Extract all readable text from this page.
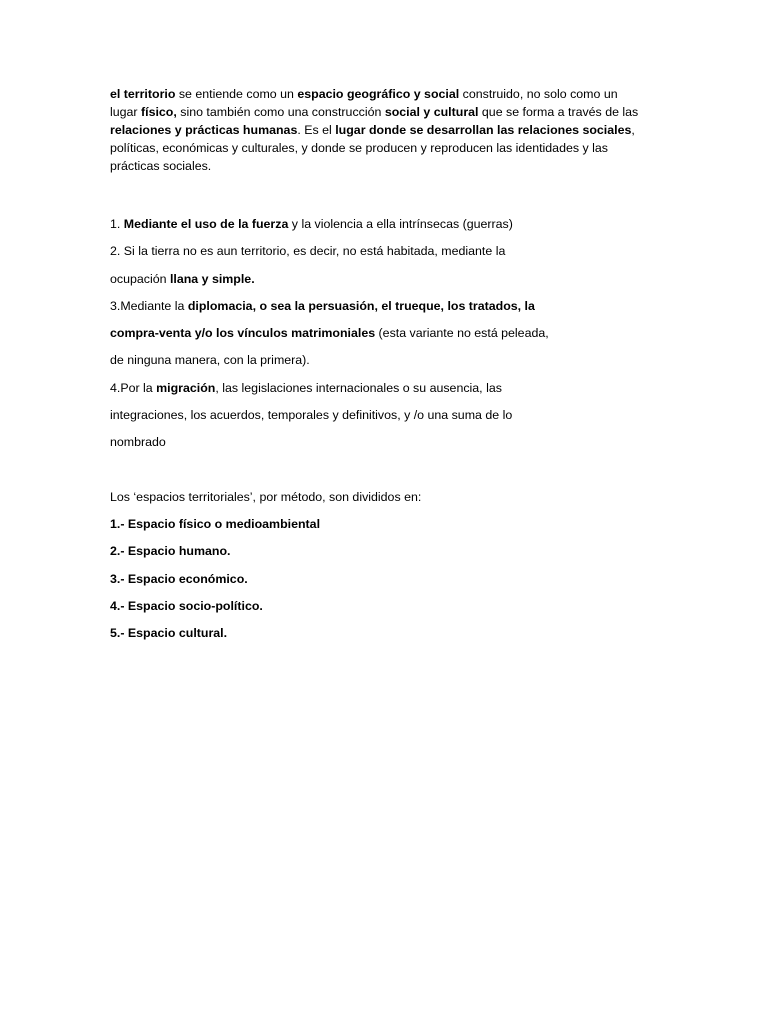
el territorio se entiende como un espacio geográfico y social construido, no solo como un

lugar físico, sino también como una construcción social y cultural que se forma a través de las

relaciones y prácticas humanas. Es el lugar donde se desarrollan las relaciones sociales,

políticas, económicas y culturales, y donde se producen y reproducen las identidades y las

prácticas sociales.

1. Mediante el uso de la fuerza y la violencia a ella intrínsecas (guerras)

2. Si la tierra no es aun territorio, es decir, no está habitada, mediante la

ocupación llana y simple.

3.Mediante la diplomacia, o sea la persuasión, el trueque, los tratados, la

compra-venta y/o los vínculos matrimoniales (esta variante no está peleada,

de ninguna manera, con la primera).

4.Por la migración, las legislaciones internacionales o su ausencia, las

integraciones, los acuerdos, temporales y definitivos, y /o una suma de lo

nombrado

Los ‘espacios territoriales’, por método, son divididos en:

1.- Espacio físico o medioambiental

2.- Espacio humano.

3.- Espacio económico.

4.- Espacio socio-político.

5.- Espacio cultural.
